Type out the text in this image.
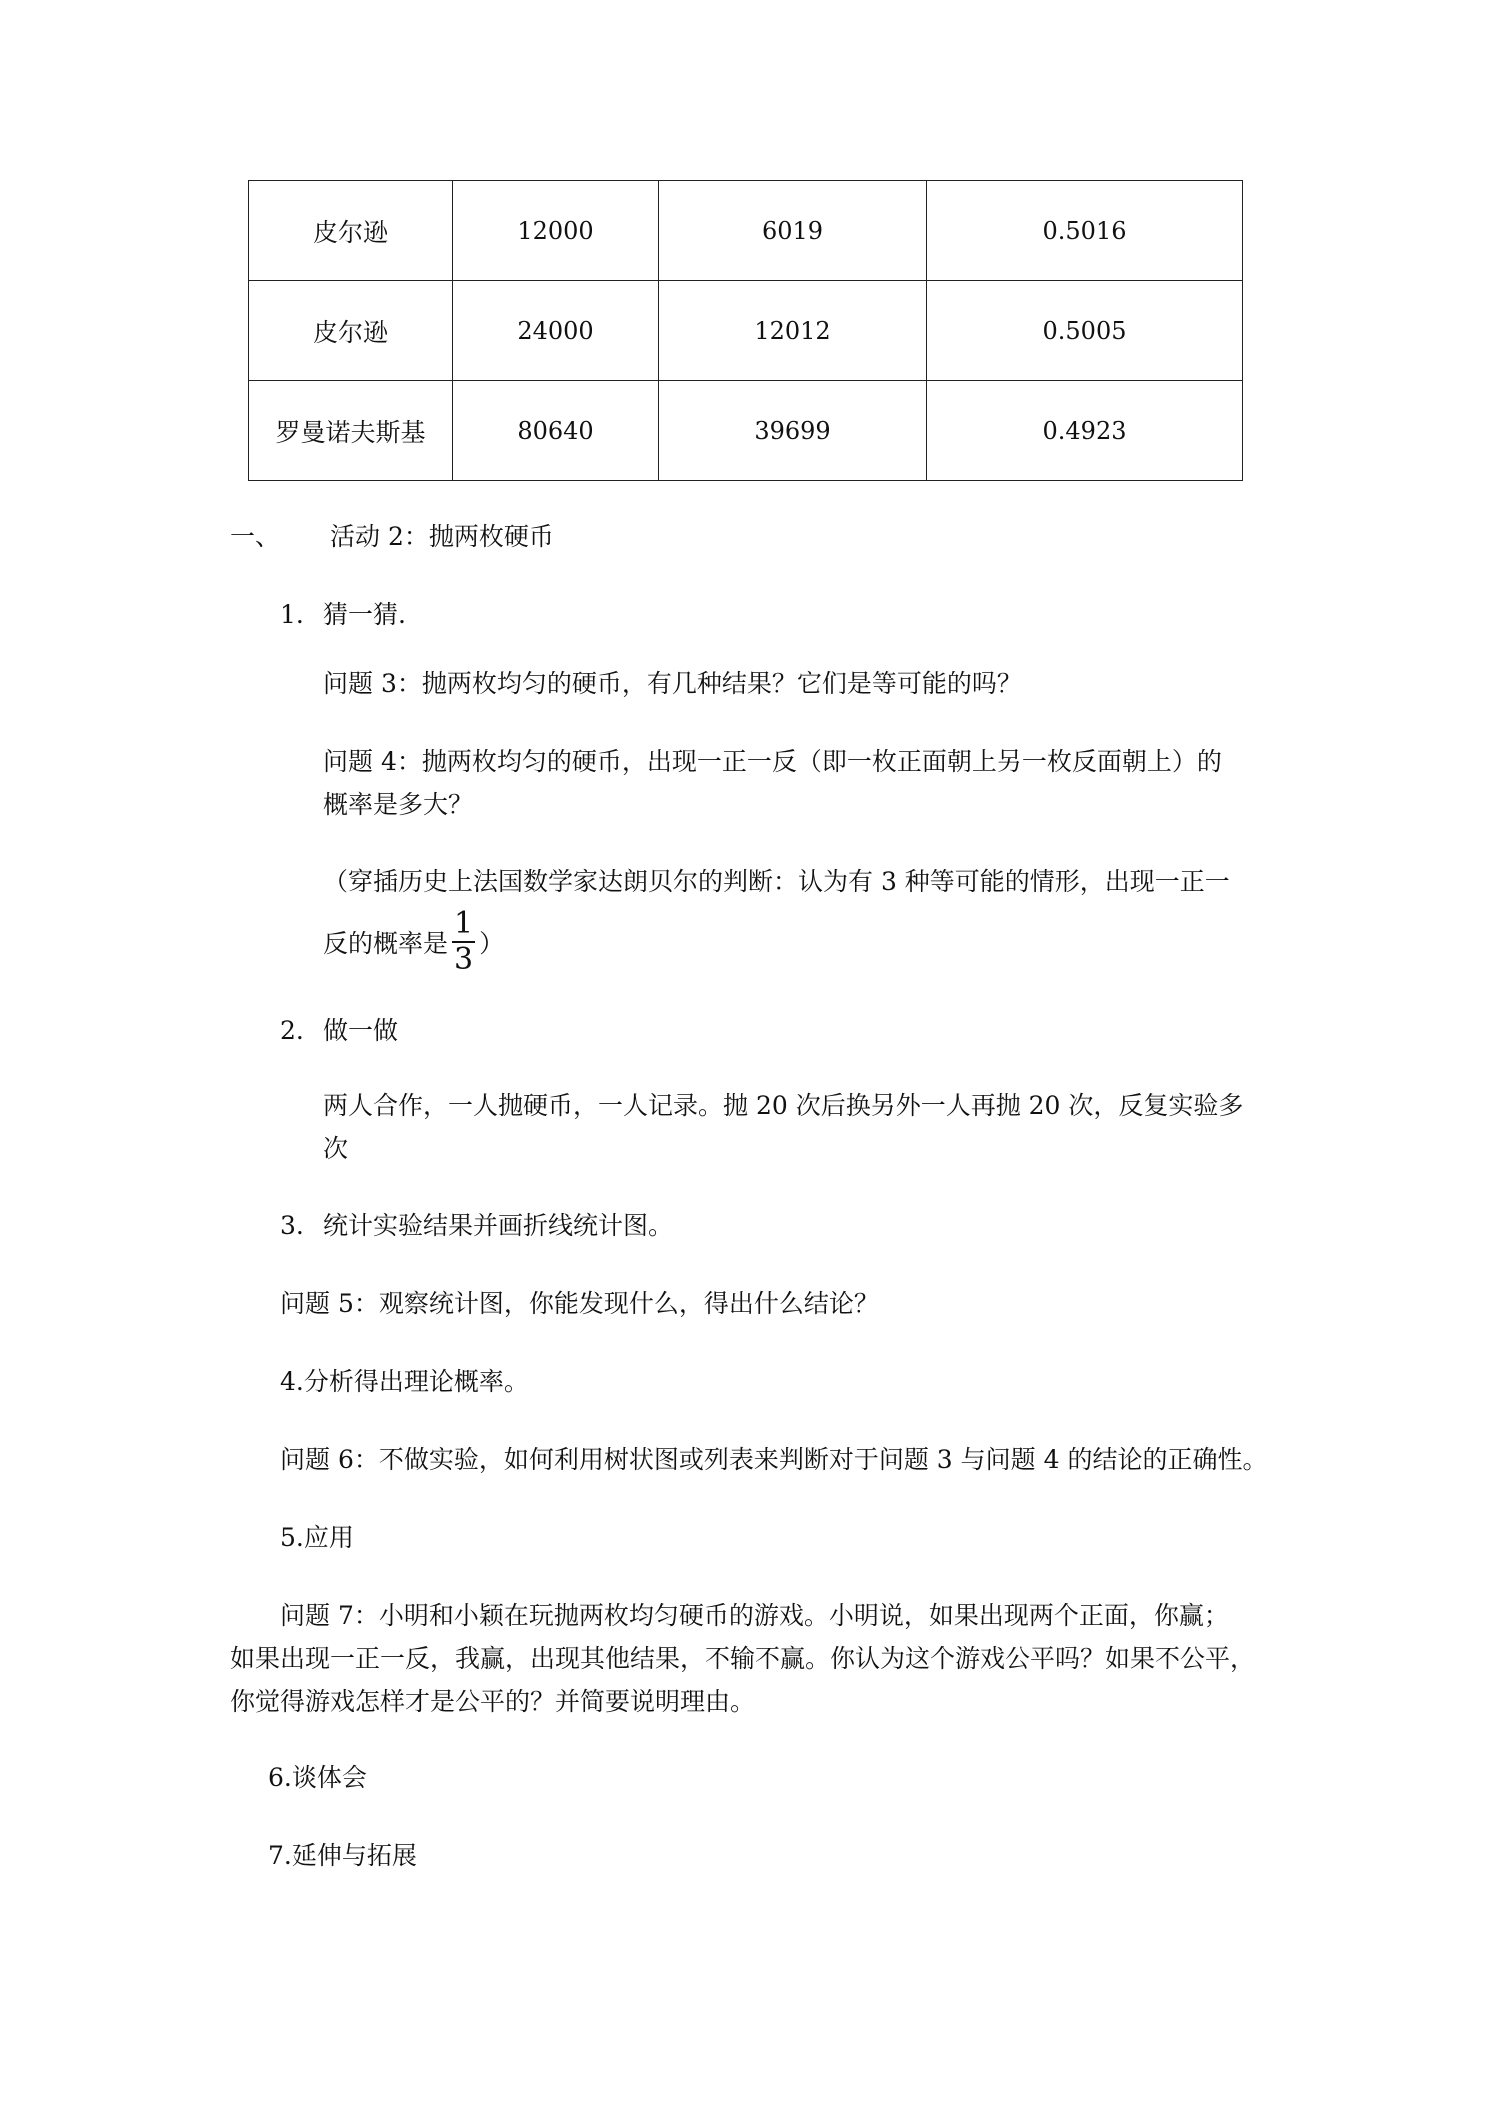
皮尔逊	12000	6019	0.5016
皮尔逊	24000	12012	0.5005
罗曼诺夫斯基	80640	39699	0.4923
一、 活动 2：抛两枚硬币
1. 猜一猜.
问题 3：抛两枚均匀的硬币，有几种结果？它们是等可能的吗？
问题 4：抛两枚均匀的硬币，出现一正一反（即一枚正面朝上另一枚反面朝上）的
概率是多大？
（穿插历史上法国数学家达朗贝尔的判断：认为有 3 种等可能的情形，出现一正一
反的概率是 $\frac{1}{3}$ ）
2. 做一做
两人合作，一人抛硬币，一人记录。抛 20 次后换另外一人再抛 20 次，反复实验多
次
3. 统计实验结果并画折线统计图。
问题 5：观察统计图，你能发现什么，得出什么结论？
4.分析得出理论概率。
问题 6：不做实验，如何利用树状图或列表来判断对于问题 3 与问题 4 的结论的正确性。
5.应用
问题 7：小明和小颖在玩抛两枚均匀硬币的游戏。小明说，如果出现两个正面，你赢；
如果出现一正一反，我赢，出现其他结果，不输不赢。你认为这个游戏公平吗？如果不公平，
你觉得游戏怎样才是公平的？并简要说明理由。
6.谈体会
7.延伸与拓展
